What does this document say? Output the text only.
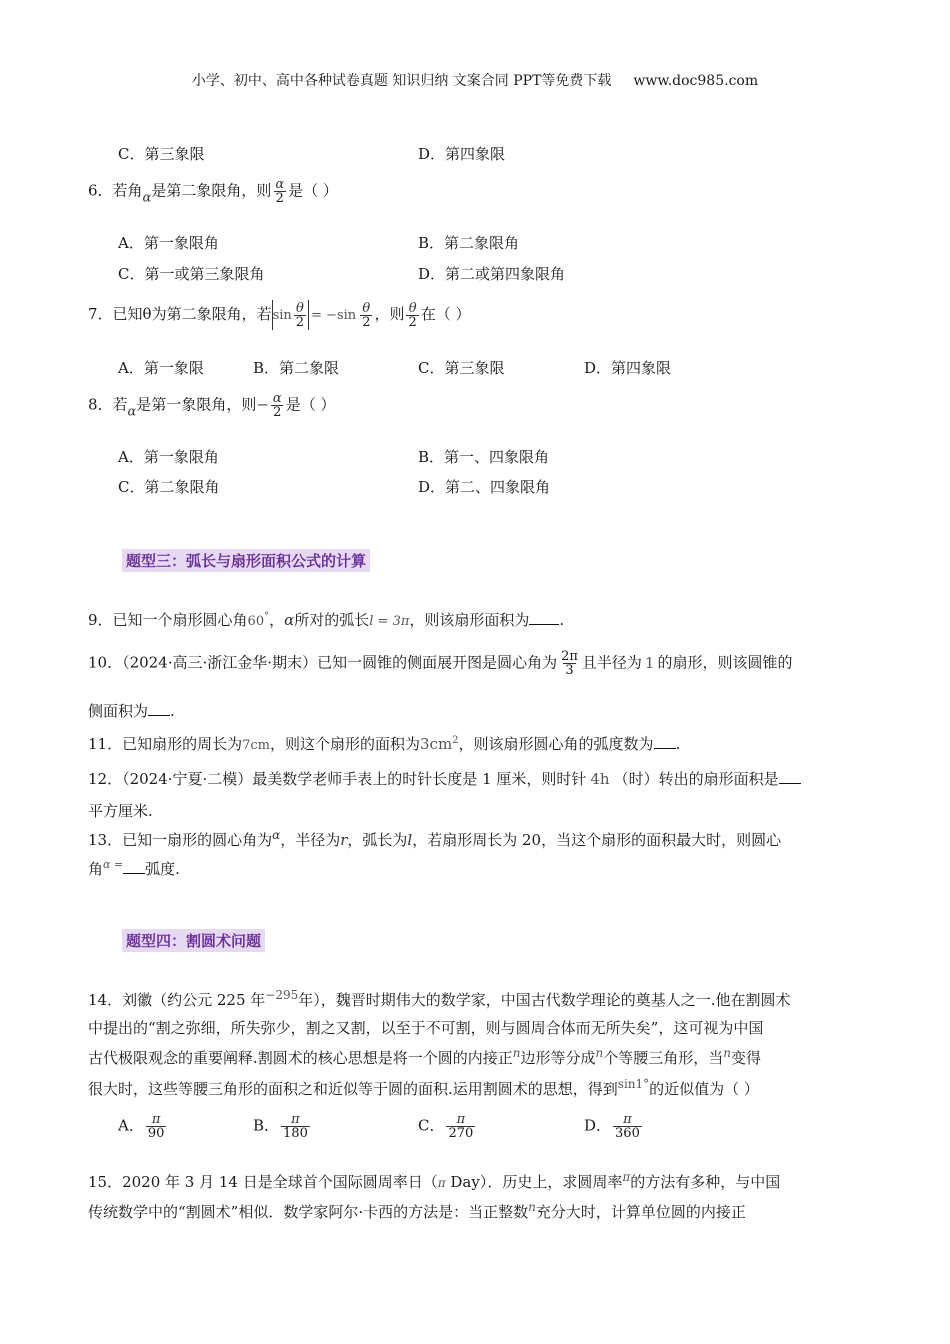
小学、初中、高中各种试卷真题 知识归纳 文案合同 PPT等免费下载 www.doc985.com
C．第三象限	D．第四象限
6．若角α是第二象限角，则 $\frac{\alpha}{2}$ 是（ ）
A．第一象限角	B．第二象限角
C．第一或第三象限角	D．第二或第四象限角
7．已知θ为第二象限角，若$\sin \frac{\theta}{2} = -\sin \frac{\theta}{2}$ ，则 $\frac{\theta}{2}$ 在（ ）
A．第一象限	B．第二象限	C．第三象限	D．第四象限
8．若α是第一象限角，则− $\frac{\alpha}{2}$ 是（ ）
A．第一象限角	B．第一、四象限角
C．第二象限角	D．第二、四象限角
题型三：弧长与扇形面积公式的计算
9．已知一个扇形圆心角60°，α所对的弧长l = 3π，则该扇形面积为 .
10．（2024·高三·浙江金华·期末）已知一圆锥的侧面展开图是圆心角为 $\frac{2\pi}{3}$ 且半径为 1 的扇形，则该圆锥的
侧面积为 .
11．已知扇形的周长为7cm，则这个扇形的面积为$3cm^2$，则该扇形圆心角的弧度数为 .
12．（2024·宁夏·二模）最美数学老师手表上的时针长度是 1 厘米，则时针 4h （时）转出的扇形面积是
平方厘米.
13．已知一扇形的圆心角为$^\alpha$，半径为r，弧长为l，若扇形周长为 20，当这个扇形的面积最大时，则圆心
角$^{\alpha =}$ 弧度.
题型四：割圆术问题
14．刘徽（约公元 225 年$^{-295}$年），魏晋时期伟大的数学家，中国古代数学理论的奠基人之一.他在割圆术
中提出的“割之弥细，所失弥少，割之又割，以至于不可割，则与圆周合体而无所失矣”，这可视为中国
古代极限观念的重要阐释.割圆术的核心思想是将一个圆的内接正$^n$边形等分成$^n$个等腰三角形，当$^n$变得
很大时，这些等腰三角形的面积之和近似等于圆的面积.运用割圆术的思想，得到$^{sin1^\circ}$的近似值为（ ）
A． $\frac{\pi}{90}$	B． $\frac{\pi}{180}$	C． $\frac{\pi}{270}$	D． $\frac{\pi}{360}$
15．2020 年 3 月 14 日是全球首个国际圆周率日（π Day）．历史上，求圆周率$^\pi$的方法有多种，与中国
传统数学中的“割圆术”相似．数学家阿尔·卡西的方法是：当正整数$^n$充分大时，计算单位圆的内接正
